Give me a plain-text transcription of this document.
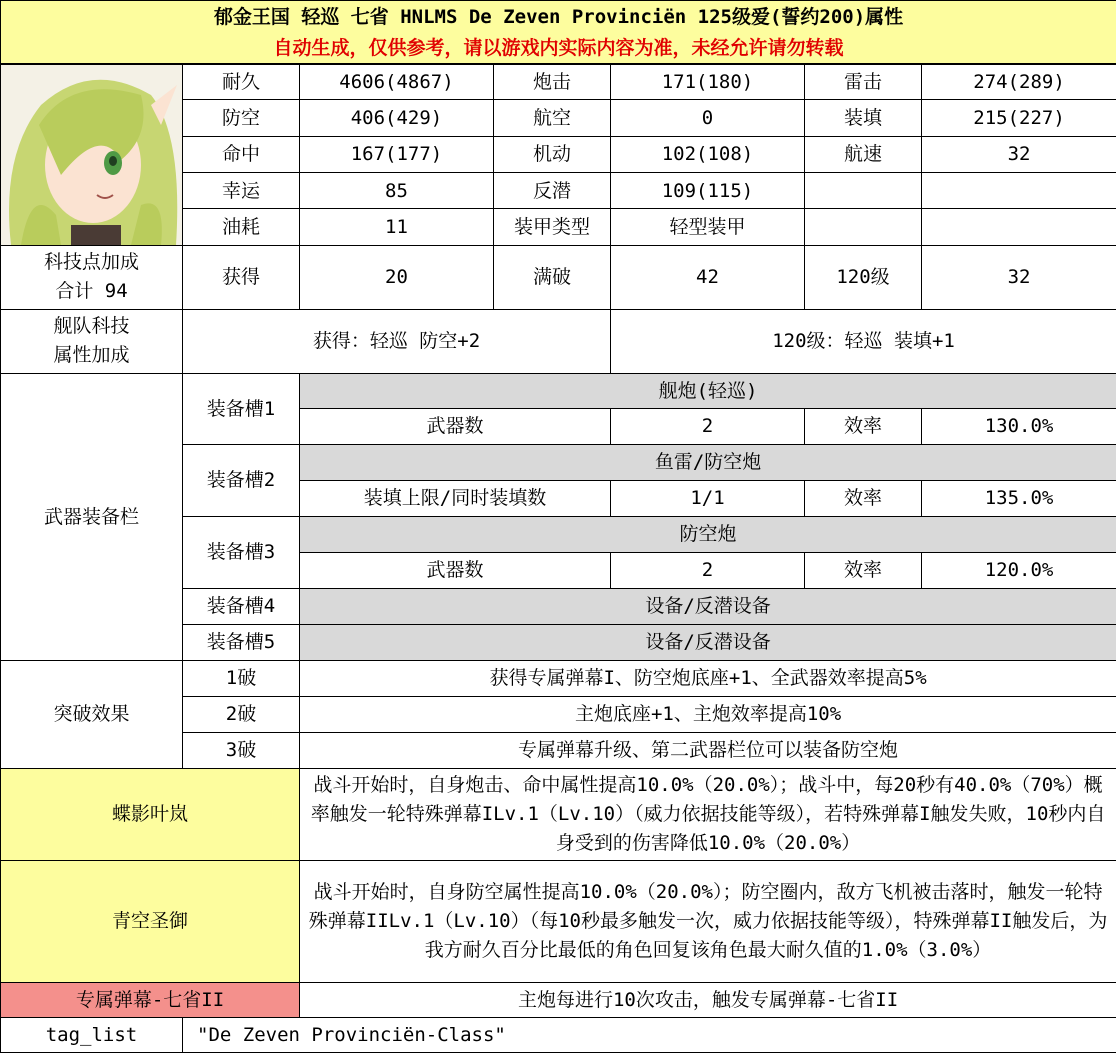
郁金王国 轻巡 七省 HNLMS De Zeven Provinciën 125级爱(誓约200)属性						
自动生成，仅供参考，请以游戏内实际内容为准，未经允许请勿转载						

	耐久	4606(4867)	炮击	171(180)	雷击	274(289)
	防空	406(429)	航空	0	装填	215(227)
	命中	167(177)	机动	102(108)	航速	32
	幸运	85	反潜	109(115)		
	油耗	11	装甲类型	轻型装甲		

科技点加成
合计 94	获得	20	满破	42	120级	32

舰队科技
属性加成	获得：轻巡 防空+2			120级：轻巡 装填+1		
武器装备栏	装备槽1	舰炮(轻巡)				
		武器数		2	效率	130.0%
	装备槽2	鱼雷/防空炮				
		装填上限/同时装填数		1/1	效率	135.0%
	装备槽3	防空炮				
		武器数		2	效率	120.0%
	装备槽4	设备/反潜设备				
	装备槽5	设备/反潜设备				
突破效果	1破	获得专属弹幕I、防空炮底座+1、全武器效率提高5%				
	2破	主炮底座+1、主炮效率提高10%				
	3破	专属弹幕升级、第二武器栏位可以装备防空炮				
蝶影叶岚		战斗开始时，自身炮击、命中属性提高10.0%（20.0%）；战斗中，每20秒有40.0%（70%）概率触发一轮特殊弹幕ILv.1（Lv.10）（威力依据技能等级），若特殊弹幕I触发失败，10秒内自身受到的伤害降低10.0%（20.0%）				
青空圣御		战斗开始时，自身防空属性提高10.0%（20.0%）；防空圈内，敌方飞机被击落时，触发一轮特殊弹幕IILv.1（Lv.10）（每10秒最多触发一次，威力依据技能等级），特殊弹幕II触发后，为我方耐久百分比最低的角色回复该角色最大耐久值的1.0%（3.0%）				
专属弹幕-七省II		主炮每进行10次攻击，触发专属弹幕-七省II				
tag_list	"De Zeven Provinciën-Class"					
